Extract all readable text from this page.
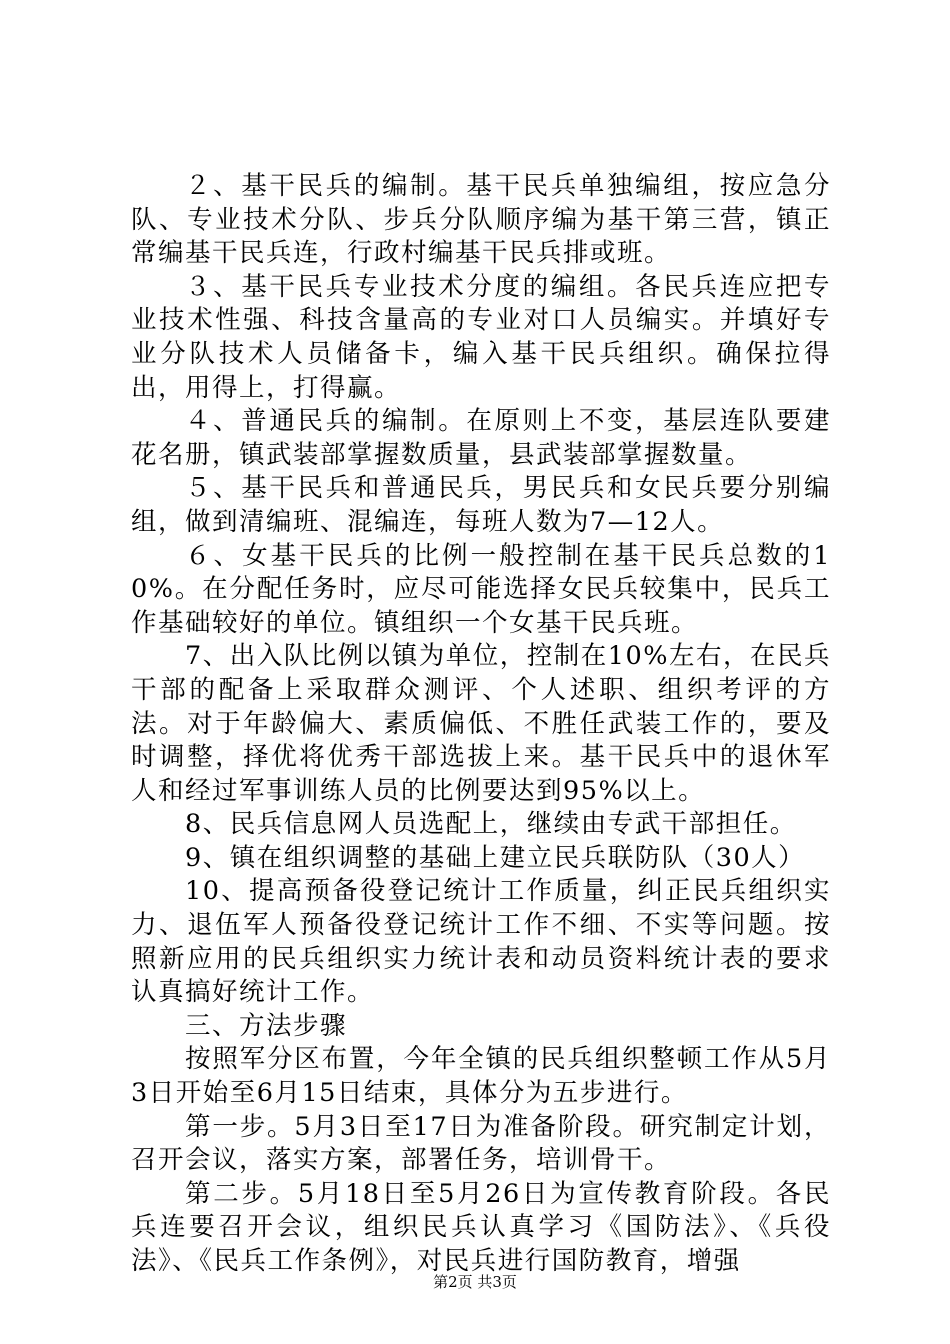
２、基干民兵的编制。基干民兵单独编组，按应急分队、专业技术分队、步兵分队顺序编为基干第三营，镇正常编基干民兵连，行政村编基干民兵排或班。

３、基干民兵专业技术分度的编组。各民兵连应把专业技术性强、科技含量高的专业对口人员编实。并填好专业分队技术人员储备卡，编入基干民兵组织。确保拉得出，用得上，打得赢。

４、普通民兵的编制。在原则上不变，基层连队要建花名册，镇武装部掌握数质量，县武装部掌握数量。

５、基干民兵和普通民兵，男民兵和女民兵要分别编组，做到清编班、混编连，每班人数为7—12人。

６、女基干民兵的比例一般控制在基干民兵总数的10%。在分配任务时，应尽可能选择女民兵较集中，民兵工作基础较好的单位。镇组织一个女基干民兵班。

7、出入队比例以镇为单位，控制在10%左右，在民兵干部的配备上采取群众测评、个人述职、组织考评的方法。对于年龄偏大、素质偏低、不胜任武装工作的，要及时调整，择优将优秀干部选拔上来。基干民兵中的退休军人和经过军事训练人员的比例要达到95%以上。

8、民兵信息网人员选配上，继续由专武干部担任。

9、镇在组织调整的基础上建立民兵联防队（30人）

10、提高预备役登记统计工作质量，纠正民兵组织实力、退伍军人预备役登记统计工作不细、不实等问题。按照新应用的民兵组织实力统计表和动员资料统计表的要求认真搞好统计工作。

三、方法步骤

按照军分区布置，今年全镇的民兵组织整顿工作从5月3日开始至6月15日结束，具体分为五步进行。

第一步。5月3日至17日为准备阶段。研究制定计划，召开会议，落实方案，部署任务，培训骨干。

第二步。5月18日至5月26日为宣传教育阶段。各民兵连要召开会议，组织民兵认真学习《国防法》、《兵役法》、《民兵工作条例》，对民兵进行国防教育，增强

第2页 共3页
